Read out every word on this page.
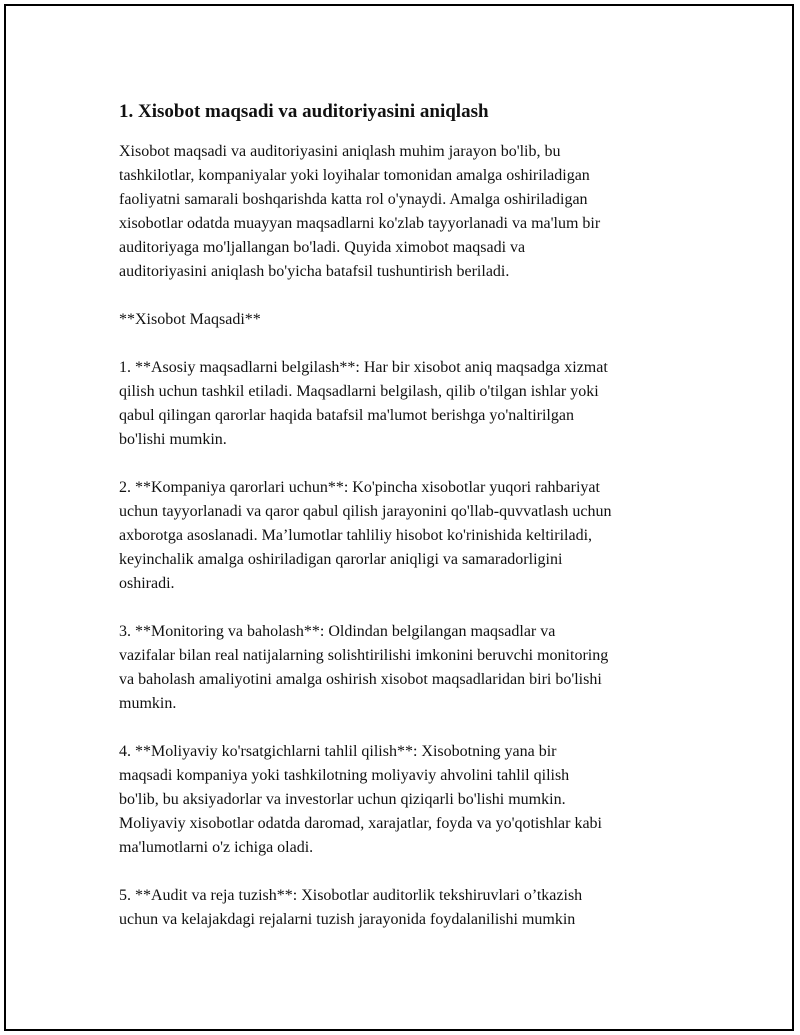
1. Xisobot maqsadi va auditoriyasini aniqlash

Xisobot maqsadi va auditoriyasini aniqlash muhim jarayon bo'lib, bu
tashkilotlar, kompaniyalar yoki loyihalar tomonidan amalga oshiriladigan
faoliyatni samarali boshqarishda katta rol o'ynaydi. Amalga oshiriladigan
xisobotlar odatda muayyan maqsadlarni ko'zlab tayyorlanadi va ma'lum bir
auditoriyaga mo'ljallangan bo'ladi. Quyida ximobot maqsadi va
auditoriyasini aniqlash bo'yicha batafsil tushuntirish beriladi.

**Xisobot Maqsadi**

1. **Asosiy maqsadlarni belgilash**: Har bir xisobot aniq maqsadga xizmat
qilish uchun tashkil etiladi. Maqsadlarni belgilash, qilib o'tilgan ishlar yoki
qabul qilingan qarorlar haqida batafsil ma'lumot berishga yo'naltirilgan
bo'lishi mumkin.

2. **Kompaniya qarorlari uchun**: Ko'pincha xisobotlar yuqori rahbariyat
uchun tayyorlanadi va qaror qabul qilish jarayonini qo'llab-quvvatlash uchun
axborotga asoslanadi. Ma’lumotlar tahliliy hisobot ko'rinishida keltiriladi,
keyinchalik amalga oshiriladigan qarorlar aniqligi va samaradorligini
oshiradi.

3. **Monitoring va baholash**: Oldindan belgilangan maqsadlar va
vazifalar bilan real natijalarning solishtirilishi imkonini beruvchi monitoring
va baholash amaliyotini amalga oshirish xisobot maqsadlaridan biri bo'lishi
mumkin.

4. **Moliyaviy ko'rsatgichlarni tahlil qilish**: Xisobotning yana bir
maqsadi kompaniya yoki tashkilotning moliyaviy ahvolini tahlil qilish
bo'lib, bu aksiyadorlar va investorlar uchun qiziqarli bo'lishi mumkin.
Moliyaviy xisobotlar odatda daromad, xarajatlar, foyda va yo'qotishlar kabi
ma'lumotlarni o'z ichiga oladi.

5. **Audit va reja tuzish**: Xisobotlar auditorlik tekshiruvlari o’tkazish
uchun va kelajakdagi rejalarni tuzish jarayonida foydalanilishi mumkin
